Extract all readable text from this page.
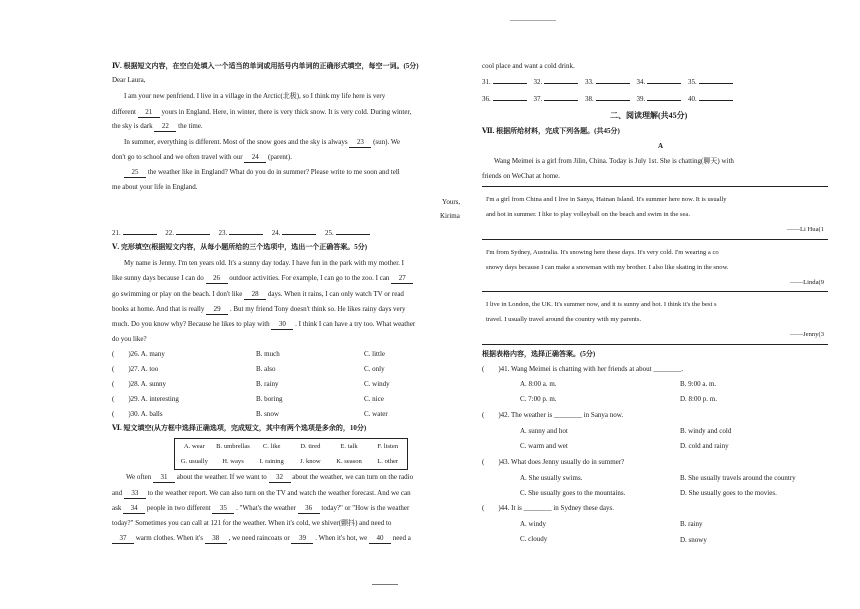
Ⅳ. 根据短文内容，在空白处填入一个适当的单词或用括号内单词的正确形式填空，每空一词。(5分)
Dear Laura,
I am your new penfriend. I live in a village in the Arctic(北极), so I think my life here is very
different 21 yours in England. Here, in winter, there is very thick snow. It is very cold. During winter,
the sky is dark 22 the time.
In summer, everything is different. Most of the snow goes and the sky is always 23 (sun). We
don't go to school and we often travel with our 24 (parent).
25 the weather like in England? What do you do in summer? Please write to me soon and tell
me about your life in England.
Yours,
Kirima
21.	22.	23.	24.	25.
Ⅴ. 完形填空(根据短文内容，从每小题所给的三个选项中，选出一个正确答案。5分)
My name is Jenny. I'm ten years old. It's a sunny day today. I have fun in the park with my mother. I
like sunny days because I can do 26 outdoor activities. For example, I can go to the zoo. I can 27
go swimming or play on the beach. I don't like 28 days. When it rains, I can only watch TV or read
books at home. And that is really 29 . But my friend Tony doesn't think so. He likes rainy days very
much. Do you know why? Because he likes to play with 30 . I think I can have a try too. What weather
do you like?
(　　)26. A. many	B. much	C. little
(　　)27. A. too	B. also	C. only
(　　)28. A. sunny	B. rainy	C. windy
(　　)29. A. interesting	B. boring	C. nice
(　　)30. A. balls	B. snow	C. water
Ⅵ. 短文填空(从方框中选择正确选项，完成短文，其中有两个选项是多余的，10分)
A. wear	B. umbrellas	C. like	D. tired	E. talk	F. listen
G. usually	H. ways	I. raining	J. know	K. season	L. other
We often 31 about the weather. If we want to 32 about the weather, we can turn on the radio
and 33 to the weather report. We can also turn on the TV and watch the weather forecast. And we can
ask 34 people in two different 35 . "What's the weather 36 today?" or "How is the weather
today?" Sometimes you can call at 121 for the weather. When it's cold, we shiver(颤抖) and need to
37 warm clothes. When it's 38 , we need raincoats or 39 . When it's hot, we 40 need a
cool place and want a cold drink.
31.	32.	33.	34.	35.
36.	37.	38.	39.	40.
二、阅读理解(共45分)
Ⅶ. 根据所给材料，完成下列各题。(共45分)
A
Wang Meimei is a girl from Jilin, China. Today is July 1st. She is chatting(聊天) with
friends on WeChat at home.
I'm a girl from China and I live in Sanya, Hainan Island. It's summer here now. It is usually
and hot in summer. I like to play volleyball on the beach and swim in the sea.
——Li Hua(1
I'm from Sydney, Australia. It's snowing here these days. It's very cold. I'm wearing a co
snowy days because I can make a snowman with my brother. I also like skating in the snow.
——Linda(9
I live in London, the UK. It's summer now, and it is sunny and hot. I think it's the best s
travel. I usually travel around the country with my parents.
——Jenny(3
根据表格内容，选择正确答案。(5分)
(　　)41. Wang Meimei is chatting with her friends at about ________.
A. 8:00 a. m.	B. 9:00 a. m.
C. 7:00 p. m.	D. 8:00 p. m.
(　　)42. The weather is ________ in Sanya now.
A. sunny and hot	B. windy and cold
C. warm and wet	D. cold and rainy
(　　)43. What does Jenny usually do in summer?
A. She usually swims.	B. She usually travels around the country
C. She usually goes to the mountains.	D. She usually goes to the movies.
(　　)44. It is ________ in Sydney these days.
A. windy	B. rainy
C. cloudy	D. snowy
